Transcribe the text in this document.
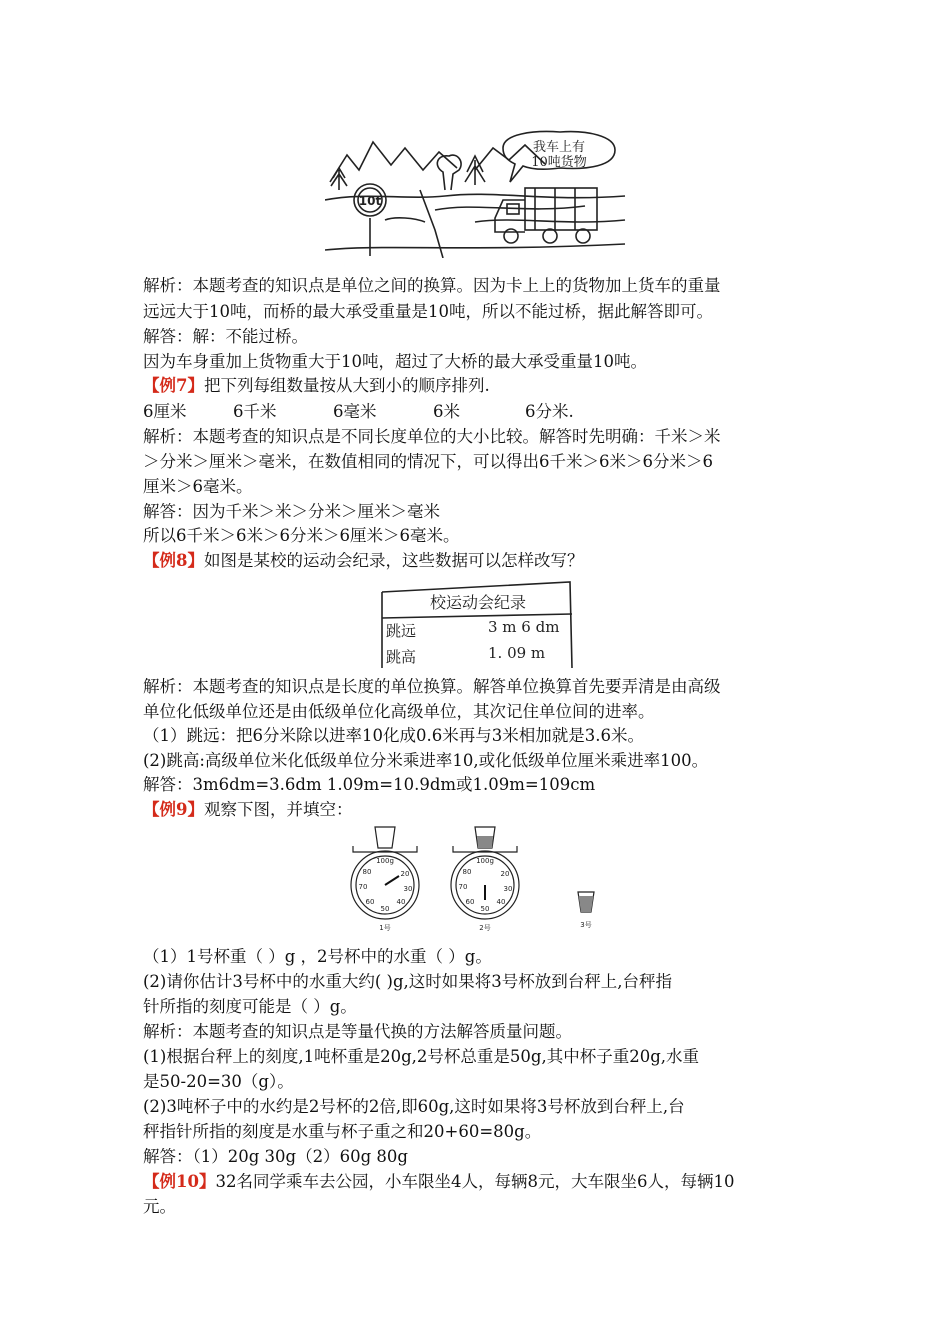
10t
我车上有
10吨货物
解析：本题考查的知识点是单位之间的换算。因为卡上上的货物加上货车的重量
远远大于10吨，而桥的最大承受重量是10吨，所以不能过桥，据此解答即可。
解答：解：不能过桥。
因为车身重加上货物重大于10吨，超过了大桥的最大承受重量10吨。
【例7】把下列每组数量按从大到小的顺序排列.
6厘米	6千米	6毫米	6米	6分米.
解析：本题考查的知识点是不同长度单位的大小比较。解答时先明确：千米＞米
＞分米＞厘米＞毫米，在数值相同的情况下，可以得出6千米＞6米＞6分米＞6
厘米＞6毫米。
解答：因为千米＞米＞分米＞厘米＞毫米
所以6千米＞6米＞6分米＞6厘米＞6毫米。
【例8】如图是某校的运动会纪录，这些数据可以怎样改写？
校运动会纪录
跳远	3 m 6 dm
跳高	1. 09 m
解析：本题考查的知识点是长度的单位换算。解答单位换算首先要弄清是由高级
单位化低级单位还是由低级单位化高级单位，其次记住单位间的进率。
（1）跳远：把6分米除以进率10化成0.6米再与3米相加就是3.6米。
(2)跳高:高级单位米化低级单位分米乘进率10,或化低级单位厘米乘进率100。
解答：3m6dm=3.6dm 1.09m=10.9dm或1.09m=109cm
【例9】观察下图，并填空：
100g
80	20
70	30
60	40
50
100g
80	20
70	30
60	40
50
1号	2号	3号
（1）1号杯重（ ）g ，2号杯中的水重（ ）g。
(2)请你估计3号杯中的水重大约( )g,这时如果将3号杯放到台秤上,台秤指
针所指的刻度可能是（ ）g。
解析：本题考查的知识点是等量代换的方法解答质量问题。
(1)根据台秤上的刻度,1吨杯重是20g,2号杯总重是50g,其中杯子重20g,水重
是50-20=30（g）。
(2)3吨杯子中的水约是2号杯的2倍,即60g,这时如果将3号杯放到台秤上,台
秤指针所指的刻度是水重与杯子重之和20+60=80g。
解答：（1）20g 30g（2）60g 80g
【例10】32名同学乘车去公园，小车限坐4人，每辆8元，大车限坐6人，每辆10
元。
